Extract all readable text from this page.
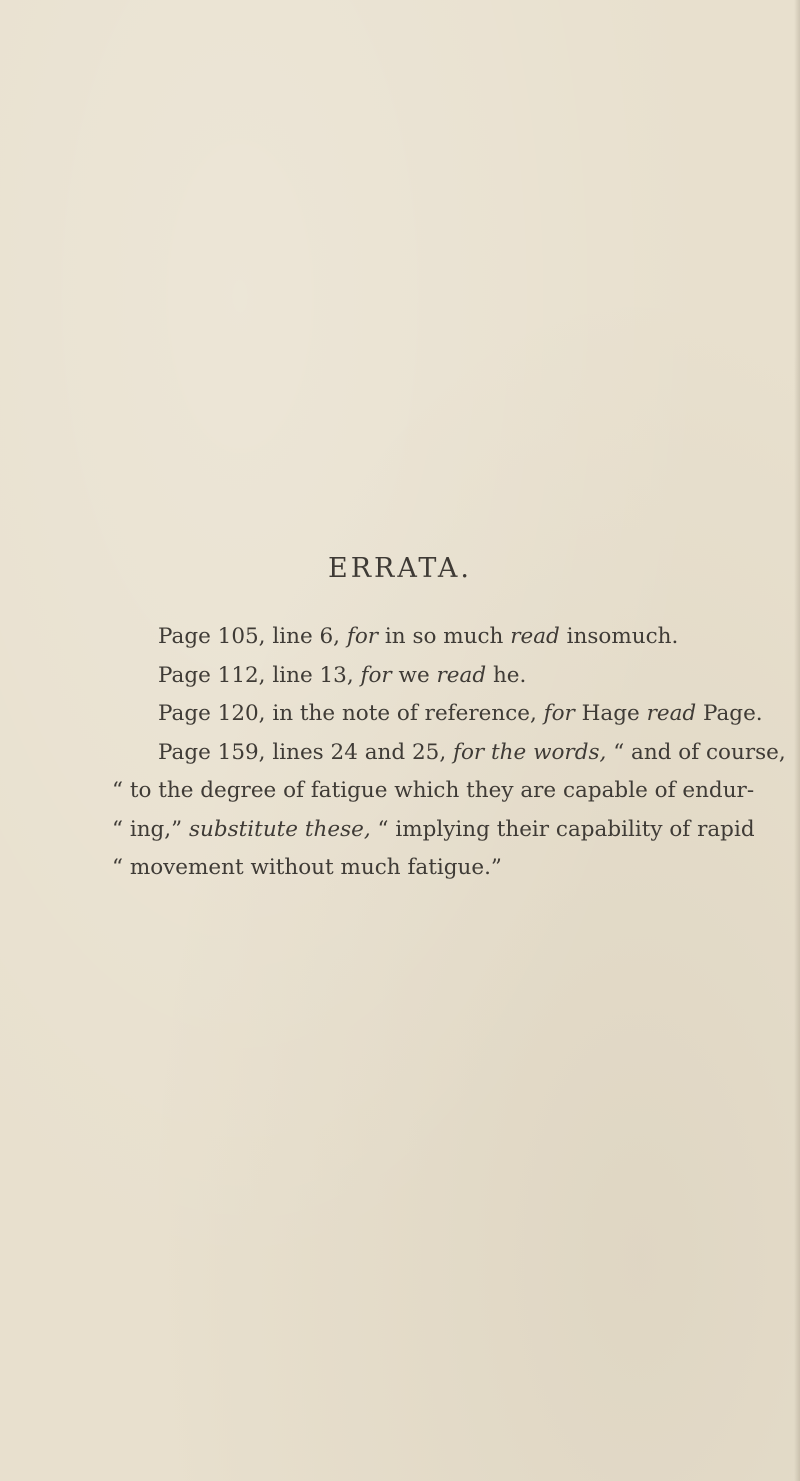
ERRATA.
Page 105, line 6, for in so much read insomuch.
Page 112, line 13, for we read he.
Page 120, in the note of reference, for Hage read Page.
Page 159, lines 24 and 25, for the words, “ and of course,
“ to the degree of fatigue which they are capable of endur-
“ ing,” substitute these, “ implying their capability of rapid
“ movement without much fatigue.”
